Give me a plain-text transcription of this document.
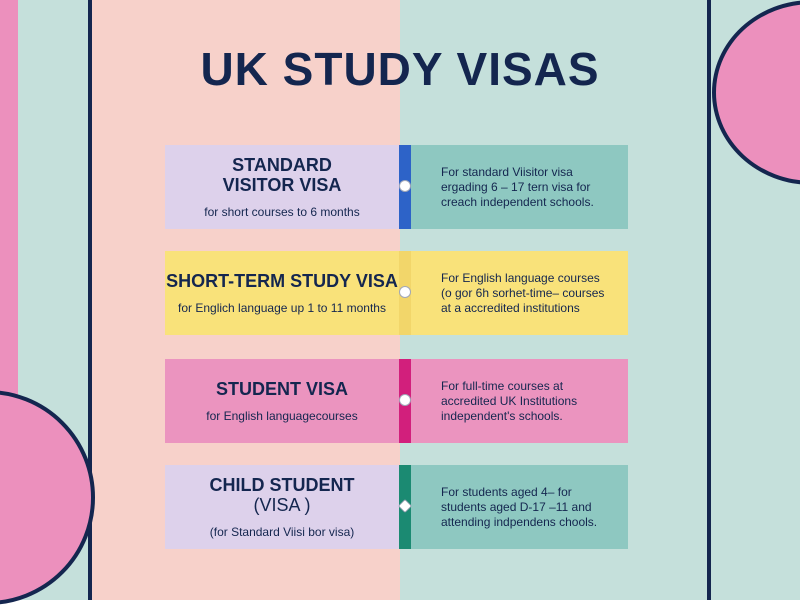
UK STUDY VISAS
STANDARD
VISITOR VISA
for short courses to 6 months
For standard Viisitor visa
ergading 6 – 17 tern visa for
creach independent schools.
SHORT-TERM STUDY VISA
for Englich language up 1 to 11 months
For English language courses
(o gor 6h sorhet-time– courses
at a accredited institutions
STUDENT VISA
for English languagecourses
For full-time courses at
accredited UK Institutions
independent's schools.
CHILD STUDENT
(VISA )
(for Standard Viisi bor visa)
For students aged 4– for
students aged D-17 –11 and
attending indpendens chools.
